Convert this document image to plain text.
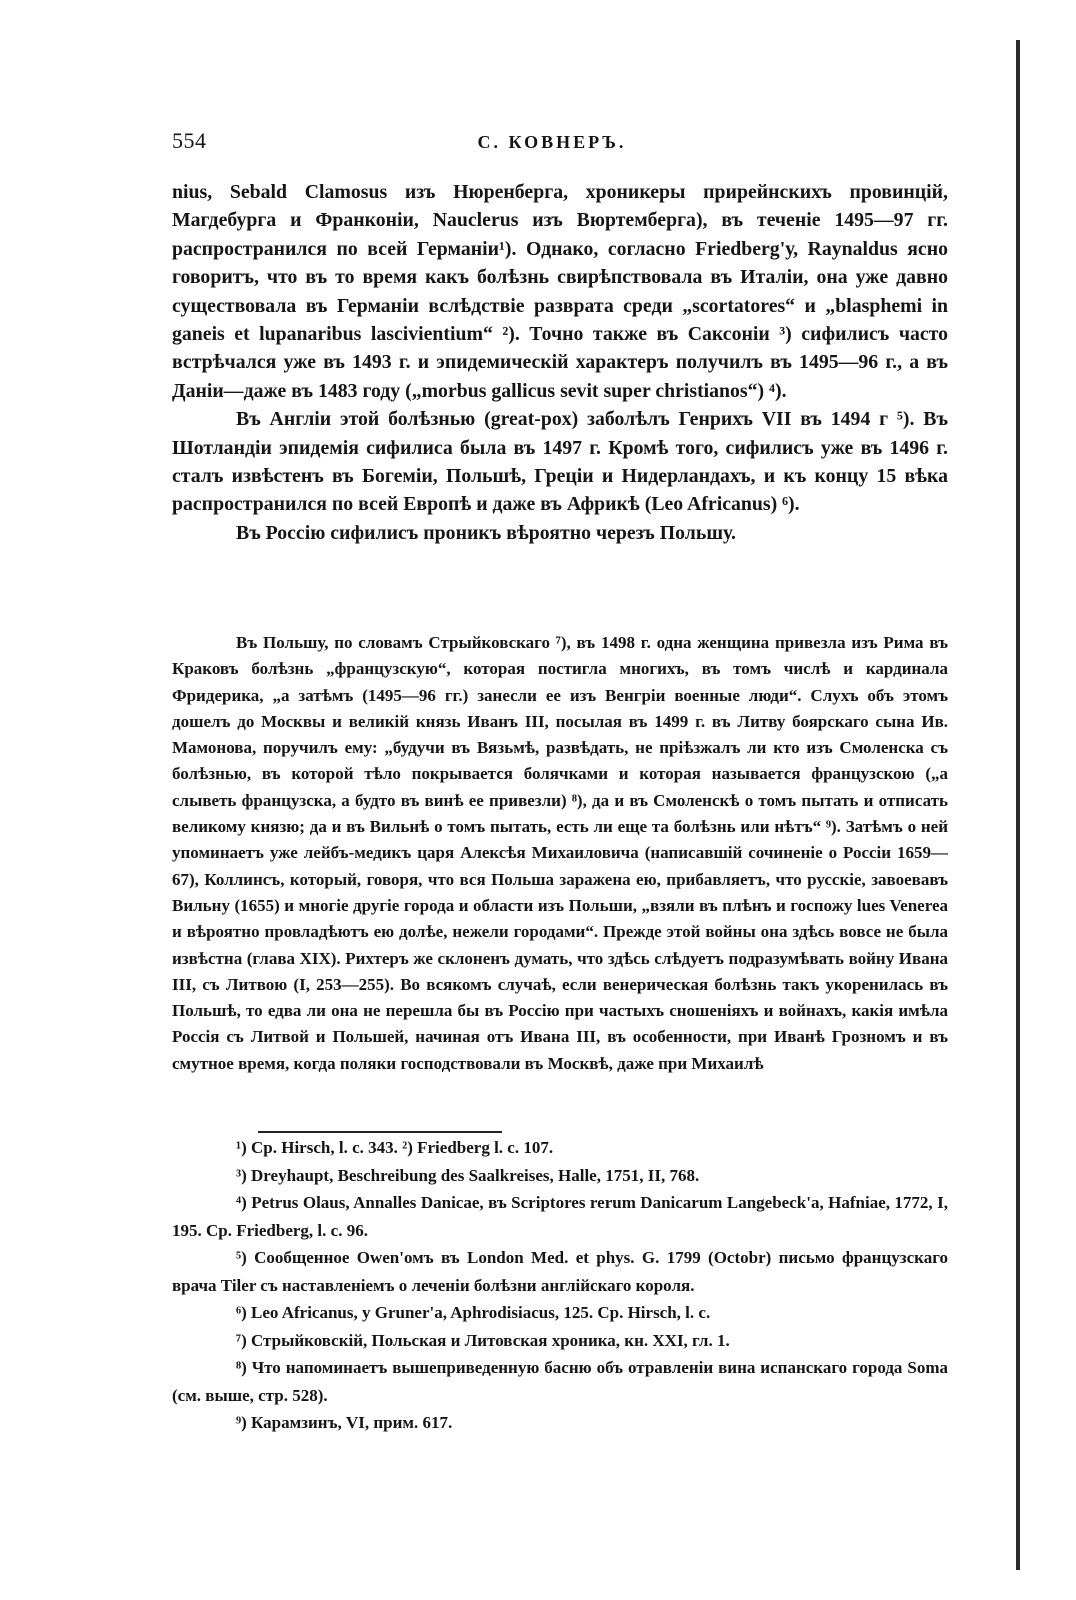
554	С. КОВНЕРЪ.

nius, Sebald Clamosus изъ Нюренберга, хроникеры прирейнскихъ провинцій, Магдебурга и Франконіи, Nauclerus изъ Вюртемберга), въ теченіе 1495—97 гг. распространился по всей Германіи¹). Однако, согласно Friedberg'у, Raynaldus ясно говоритъ, что въ то время какъ болѣзнь свирѣпствовала въ Италіи, она уже давно существовала въ Германіи вслѣдствіе разврата среди „scortatores“ и „blasphemi in ganeis et lupanaribus lascivientium“ ²). Точно также въ Саксоніи ³) сифилисъ часто встрѣчался уже въ 1493 г. и эпидемическій характеръ получилъ въ 1495—96 г., а въ Даніи—даже въ 1483 году („morbus gallicus sevit super christianos“) ⁴).

Въ Англіи этой болѣзнью (great-pox) заболѣлъ Генрихъ VII въ 1494 г ⁵). Въ Шотландіи эпидемія сифилиса была въ 1497 г. Кромѣ того, сифилисъ уже въ 1496 г. сталъ извѣстенъ въ Богеміи, Польшѣ, Греціи и Нидерландахъ, и къ концу 15 вѣка распространился по всей Европѣ и даже въ Африкѣ (Leo Africanus) ⁶).

Въ Россію сифилисъ проникъ вѣроятно черезъ Польшу.

Въ Польшу, по словамъ Стрыйковскаго ⁷), въ 1498 г. одна женщина привезла изъ Рима въ Краковъ болѣзнь „французскую“, которая постигла многихъ, въ томъ числѣ и кардинала Фридерика, „а затѣмъ (1495—96 гг.) занесли ее изъ Венгріи военные люди“. Слухъ объ этомъ дошелъ до Москвы и великій князь Иванъ III, посылая въ 1499 г. въ Литву боярскаго сына Ив. Мамонова, поручилъ ему: „будучи въ Вязьмѣ, развѣдать, не пріѣзжалъ ли кто изъ Смоленска съ болѣзнью, въ которой тѣло покрывается болячками и которая называется французскою („а слыветь французска, а будто въ винѣ ее привезли) ⁸), да и въ Смоленскѣ о томъ пытать и отписать великому князю; да и въ Вильнѣ о томъ пытать, есть ли еще та болѣзнь или нѣтъ“ ⁹). Затѣмъ о ней упоминаетъ уже лейбъ-медикъ царя Алексѣя Михаиловича (написавшій сочиненіе о Россіи 1659—67), Коллинсъ, который, говоря, что вся Польша заражена ею, прибавляетъ, что русскіе, завоевавъ Вильну (1655) и многіе другіе города и области изъ Польши, „взяли въ плѣнъ и госпожу lues Venerea и вѣроятно провладѣютъ ею долѣе, нежели городами“. Прежде этой войны она здѣсь вовсе не была извѣстна (глава XIX). Рихтеръ же склоненъ думать, что здѣсь слѣдуетъ подразумѣвать войну Ивана III, съ Литвою (I, 253—255). Во всякомъ случаѣ, если венерическая болѣзнь такъ укоренилась въ Польшѣ, то едва ли она не перешла бы въ Россію при частыхъ сношеніяхъ и войнахъ, какія имѣла Россія съ Литвой и Польшей, начиная отъ Ивана III, въ особенности, при Иванѣ Грозномъ и въ смутное время, когда поляки господствовали въ Москвѣ, даже при Михаилѣ

¹) Ср. Hirsch, l. c. 343. ²) Friedberg l. c. 107.

³) Dreyhaupt, Beschreibung des Saalkreises, Halle, 1751, II, 768.

⁴) Petrus Olaus, Annalles Danicae, въ Scriptores rerum Danicarum Langebeck'a, Hafniae, 1772, I, 195. Ср. Friedberg, l. c. 96.

⁵) Сообщенное Owen'омъ въ London Med. et phys. G. 1799 (Octobr) письмо французскаго врача Tiler съ наставленіемъ о леченіи болѣзни англійскаго короля.

⁶) Leo Africanus, у Gruner'a, Aphrodisiacus, 125. Ср. Hirsch, l. c.

⁷) Стрыйковскій, Польская и Литовская хроника, кн. XXI, гл. 1.

⁸) Что напоминаетъ вышеприведенную басню объ отравленіи вина испанскаго города Soma (см. выше, стр. 528).

⁹) Карамзинъ, VI, прим. 617.
